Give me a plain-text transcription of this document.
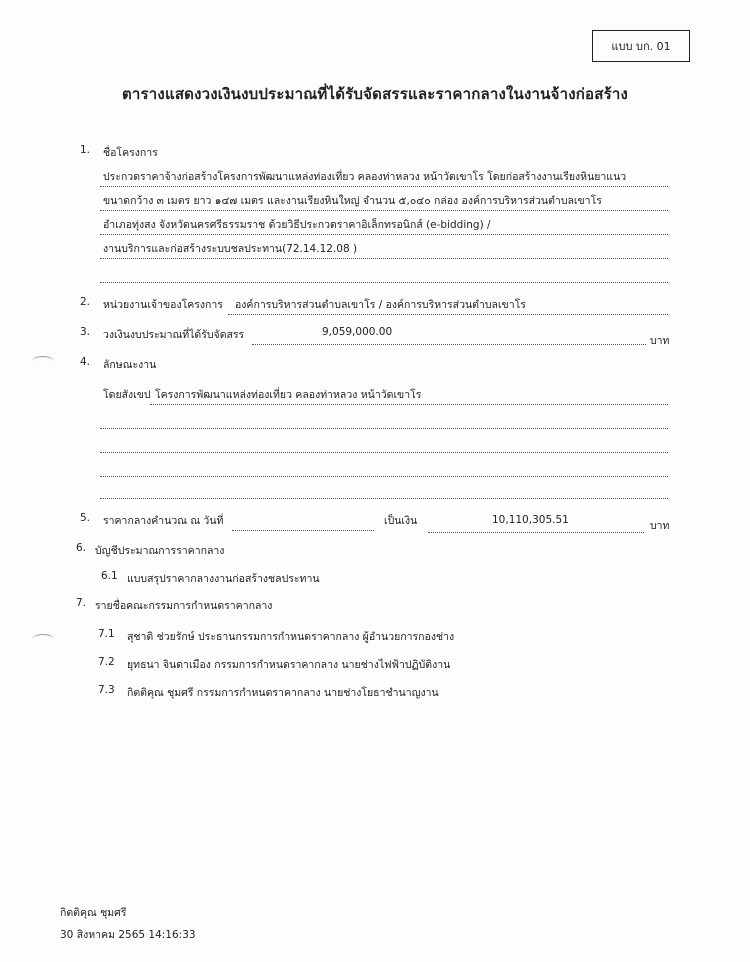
แบบ บก. 01
ตารางแสดงวงเงินงบประมาณที่ได้รับจัดสรรและราคากลางในงานจ้างก่อสร้าง
1. ชื่อโครงการ
ประกวดราคาจ้างก่อสร้างโครงการพัฒนาแหล่งท่องเที่ยว คลองท่าหลวง หน้าวัดเขาโร โดยก่อสร้างงานเรียงหินยาแนว
ขนาดกว้าง ๓ เมตร ยาว ๑๔๗ เมตร และงานเรียงหินใหญ่ จำนวน ๕,๐๔๐ กล่อง องค์การบริหารส่วนตำบลเขาโร
อำเภอทุ่งสง จังหวัดนครศรีธรรมราช ด้วยวิธีประกวดราคาอิเล็กทรอนิกส์ (e-bidding) /
งานบริการและก่อสร้างระบบชลประทาน(72.14.12.08 )
2. หน่วยงานเจ้าของโครงการ องค์การบริหารส่วนตำบลเขาโร / องค์การบริหารส่วนตำบลเขาโร
3. วงเงินงบประมาณที่ได้รับจัดสรร	9,059,000.00
บาท
4. ลักษณะงาน
โดยสังเขป โครงการพัฒนาแหล่งท่องเที่ยว คลองท่าหลวง หน้าวัดเขาโร
5. ราคากลางคำนวณ ณ วันที่	เป็นเงิน	10,110,305.51	บาท
6. บัญชีประมาณการราคากลาง
6.1 แบบสรุปราคากลางงานก่อสร้างชลประทาน
7. รายชื่อคณะกรรมการกำหนดราคากลาง
7.1 สุชาติ ช่วยรักษ์ ประธานกรรมการกำหนดราคากลาง ผู้อำนวยการกองช่าง
7.2 ยุทธนา จินดาเมือง กรรมการกำหนดราคากลาง นายช่างไฟฟ้าปฏิบัติงาน
7.3 กิตติคุณ ชุมศรี กรรมการกำหนดราคากลาง นายช่างโยธาชำนาญงาน
กิตติคุณ ชุมศรี
30 สิงหาคม 2565 14:16:33
